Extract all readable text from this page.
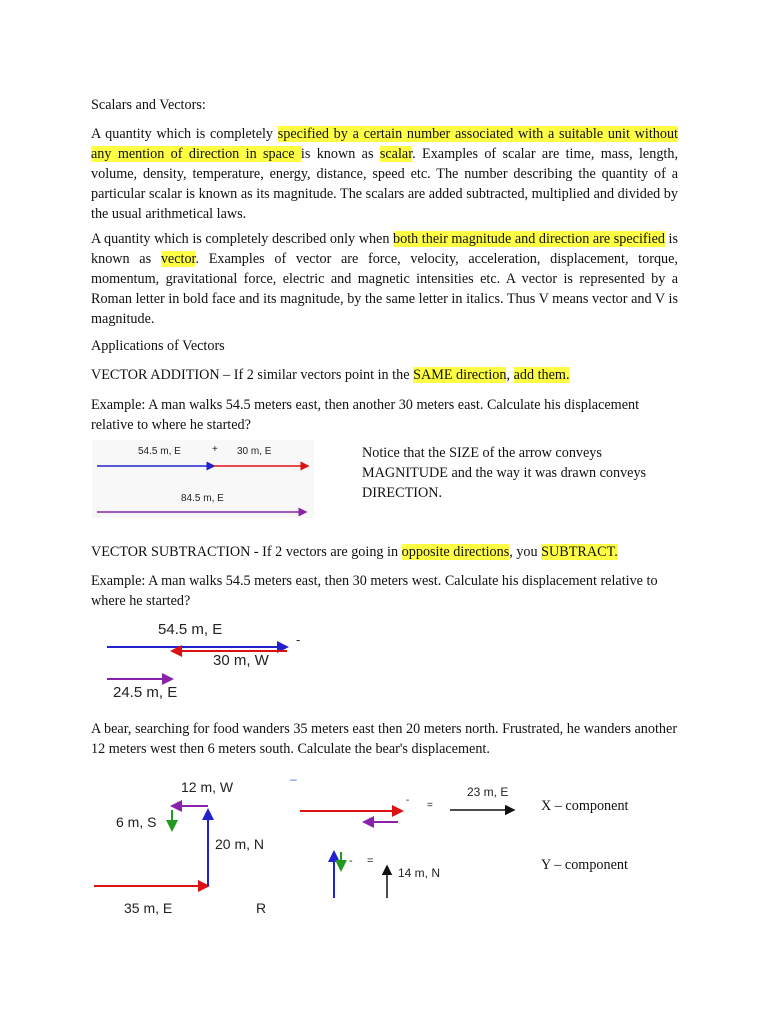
Scalars and Vectors:

A quantity which is completely specified by a certain number associated with a suitable unit without any mention of direction in space is known as scalar. Examples of scalar are time, mass, length, volume, density, temperature, energy, distance, speed etc. The number describing the quantity of a particular scalar is known as its magnitude. The scalars are added subtracted, multiplied and divided by the usual arithmetical laws.

A quantity which is completely described only when both their magnitude and direction are specified is known as vector. Examples of vector are force, velocity, acceleration, displacement, torque, momentum, gravitational force, electric and magnetic intensities etc. A vector is represented by a Roman letter in bold face and its magnitude, by the same letter in italics. Thus V means vector and V is magnitude.

Applications of Vectors

VECTOR ADDITION – If 2 similar vectors point in the SAME direction, add them.

Example: A man walks 54.5 meters east, then another 30 meters east. Calculate his displacement relative to where he started?

54.5 m, E	+ 30 m, E
84.5 m, E

Notice that the SIZE of the arrow conveys MAGNITUDE and the way it was drawn conveys DIRECTION.

VECTOR SUBTRACTION - If 2 vectors are going in opposite directions, you SUBTRACT.

Example: A man walks 54.5 meters east, then 30 meters west. Calculate his displacement relative to where he started?

54.5 m, E
-
30 m, W
24.5 m, E

A bear, searching for food wanders 35 meters east then 20 meters north. Frustrated, he wanders another 12 meters west then 6 meters south. Calculate the bear's displacement.

12 m, W
6 m, S
20 m, N
35 m, E	R
–
- =
23 m, E
X – component
- =
14 m, N	Y – component
